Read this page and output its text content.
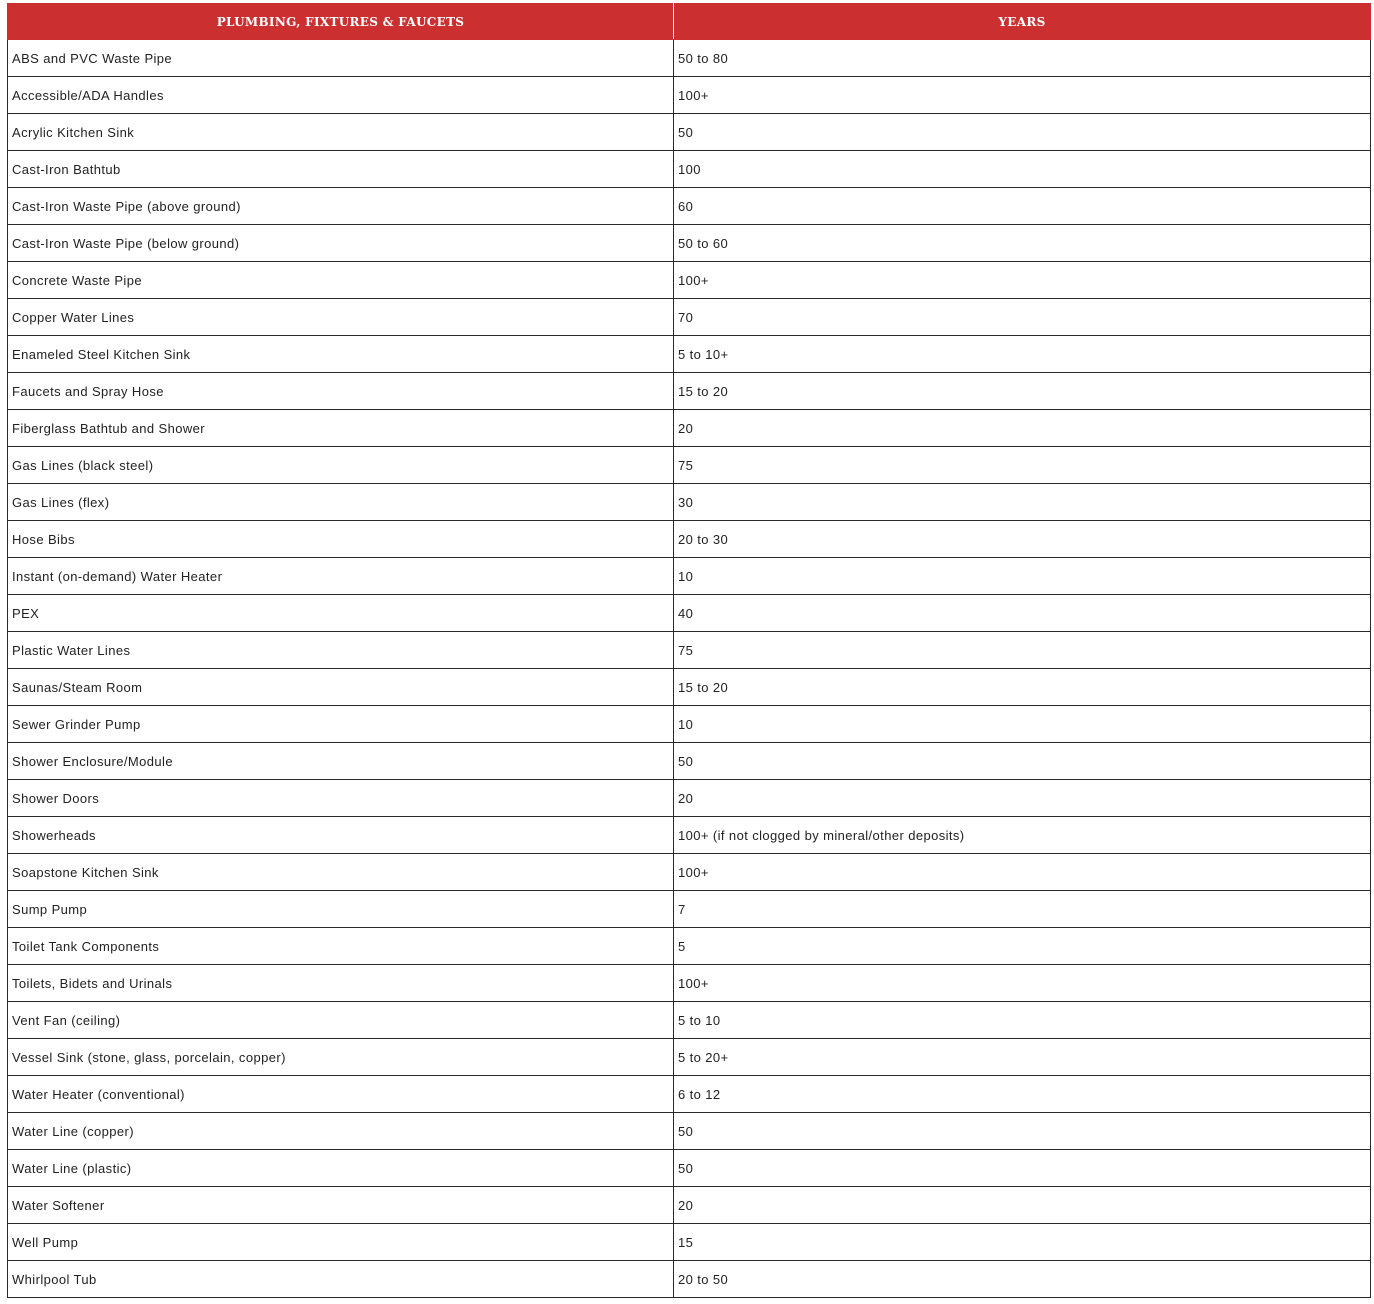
PLUMBING, FIXTURES & FAUCETS	YEARS
ABS and PVC Waste Pipe	50 to 80
Accessible/ADA Handles	100+
Acrylic Kitchen Sink	50
Cast-Iron Bathtub	100
Cast-Iron Waste Pipe (above ground)	60
Cast-Iron Waste Pipe (below ground)	50 to 60
Concrete Waste Pipe	100+
Copper Water Lines	70
Enameled Steel Kitchen Sink	5 to 10+
Faucets and Spray Hose	15 to 20
Fiberglass Bathtub and Shower	20
Gas Lines (black steel)	75
Gas Lines (flex)	30
Hose Bibs	20 to 30
Instant (on-demand) Water Heater	10
PEX	40
Plastic Water Lines	75
Saunas/Steam Room	15 to 20
Sewer Grinder Pump	10
Shower Enclosure/Module	50
Shower Doors	20
Showerheads	100+ (if not clogged by mineral/other deposits)
Soapstone Kitchen Sink	100+
Sump Pump	7
Toilet Tank Components	5
Toilets, Bidets and Urinals	100+
Vent Fan (ceiling)	5 to 10
Vessel Sink (stone, glass, porcelain, copper)	5 to 20+
Water Heater (conventional)	6 to 12
Water Line (copper)	50
Water Line (plastic)	50
Water Softener	20
Well Pump	15
Whirlpool Tub	20 to 50
